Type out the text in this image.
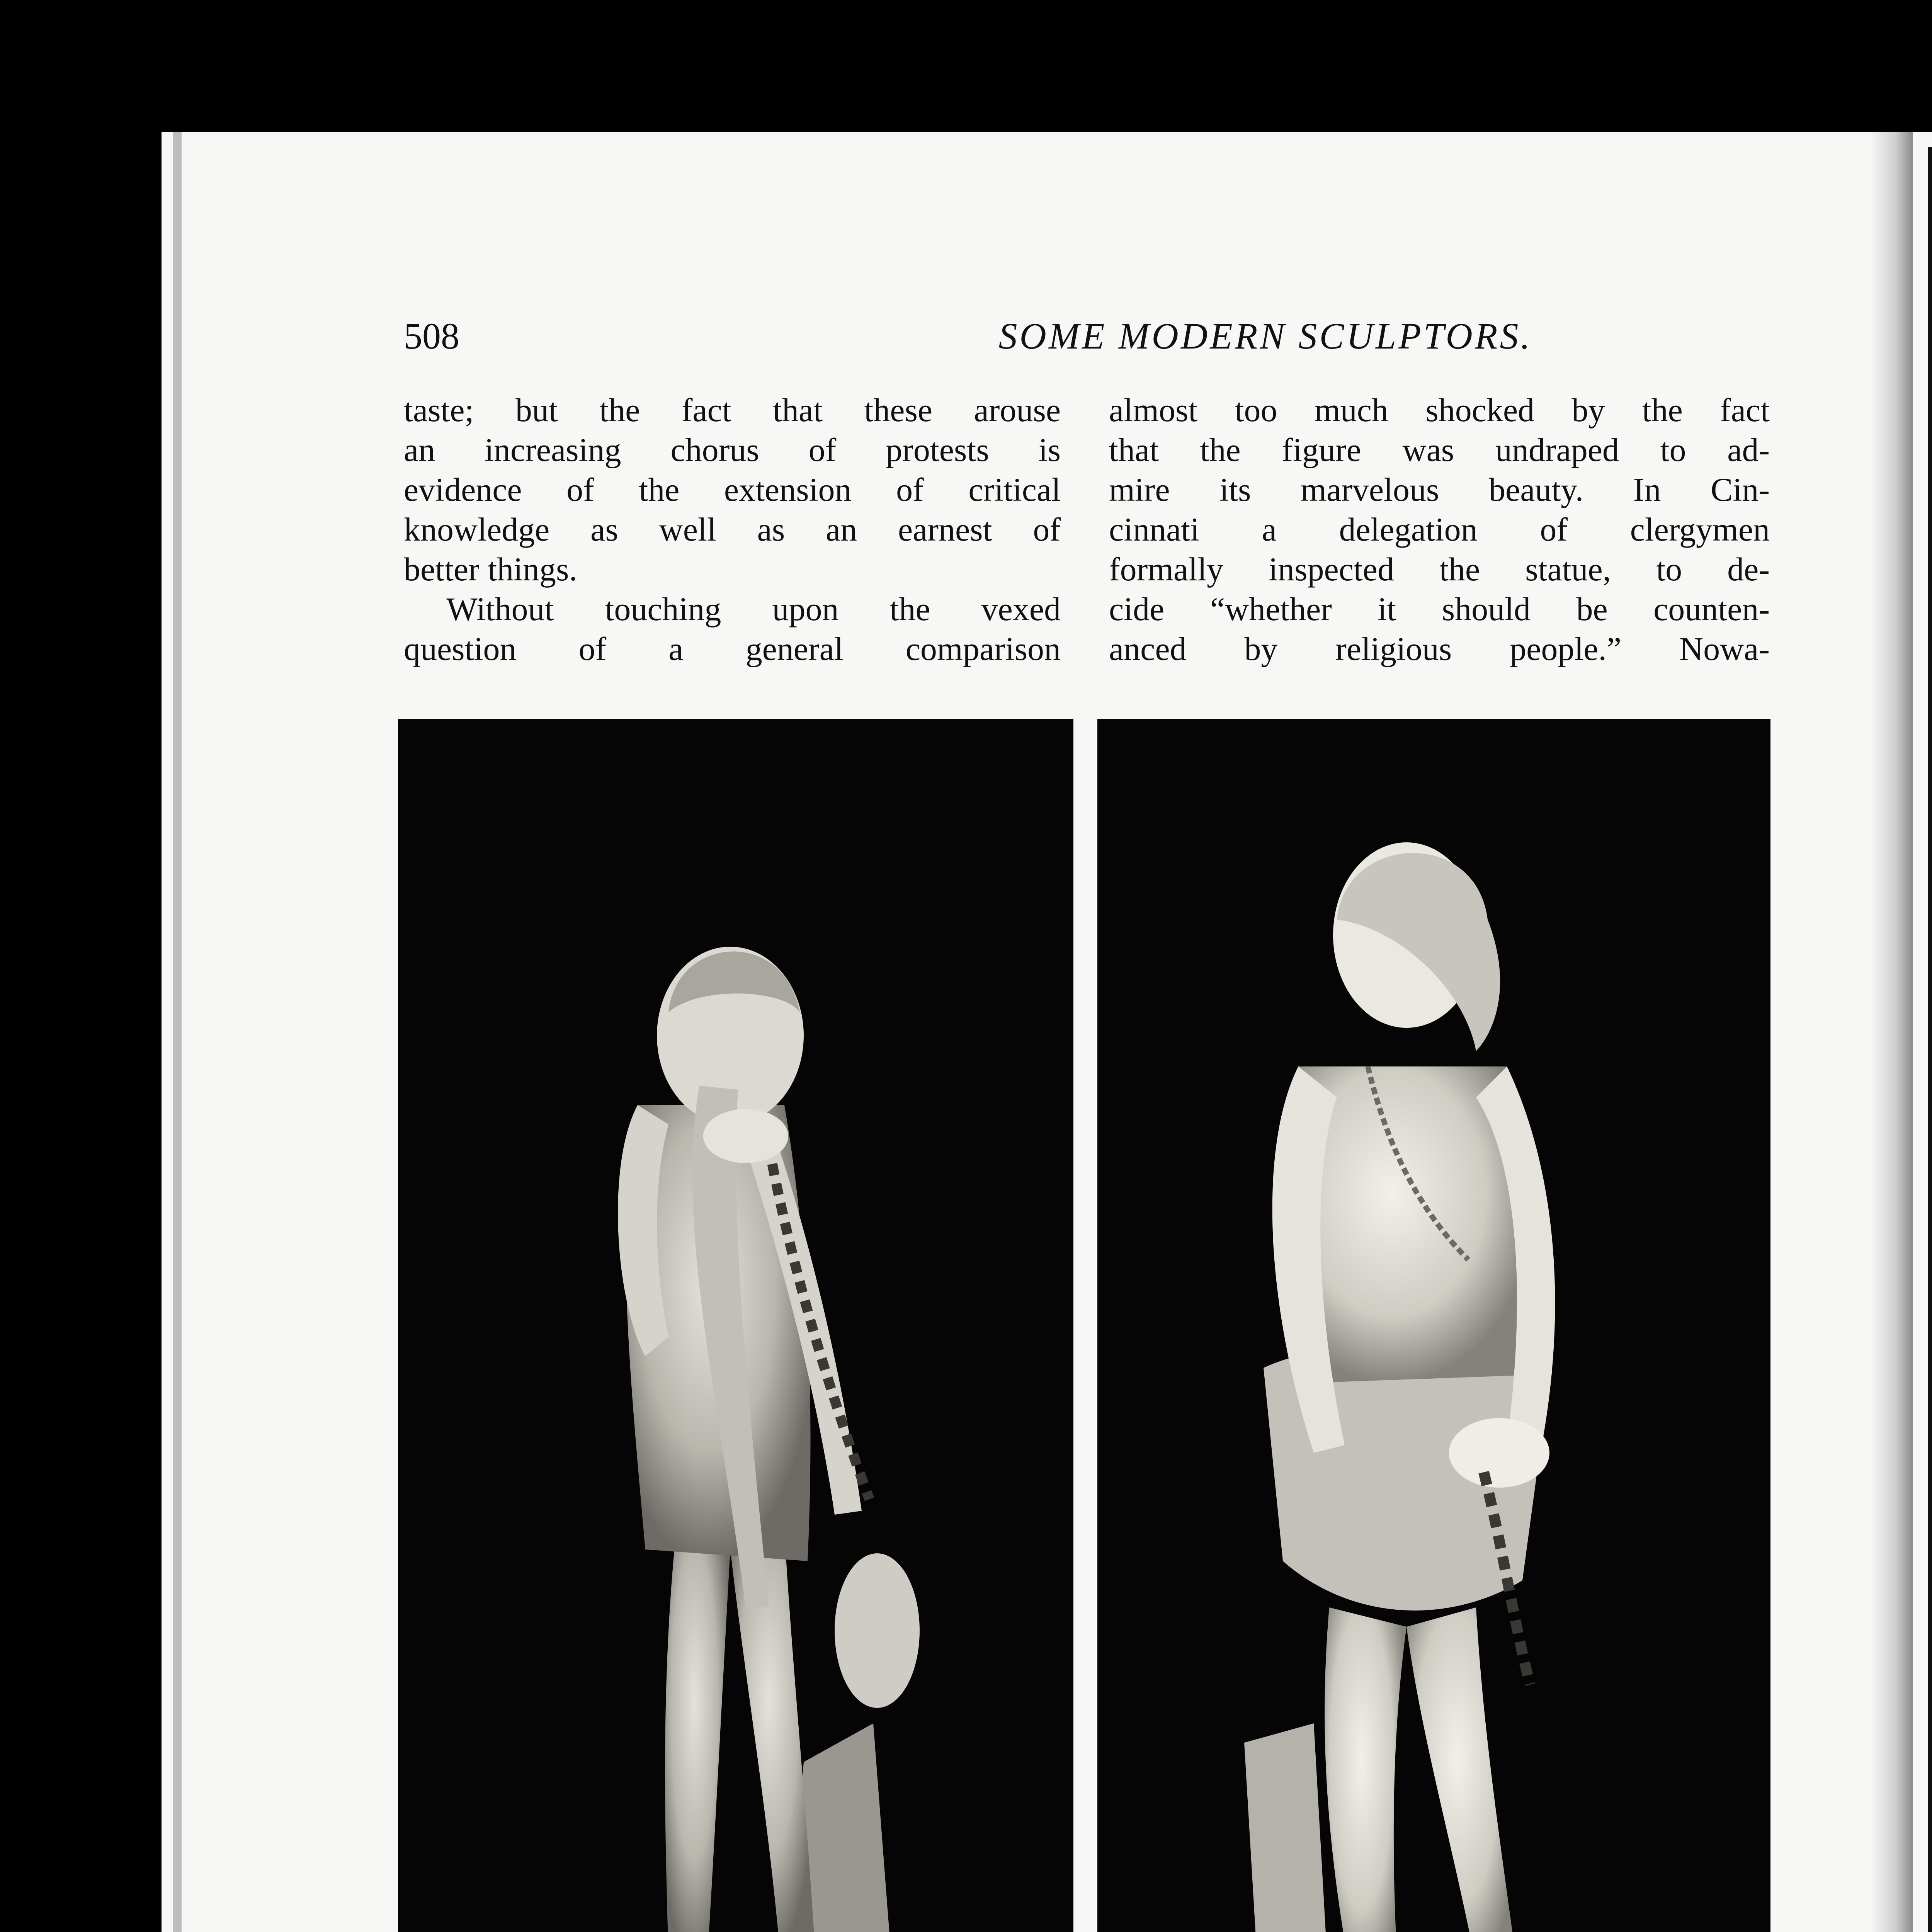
508	SOME MODERN SCULPTORS.
taste; but the fact that these arouse
an increasing chorus of protests is
evidence of the extension of critical
knowledge as well as an earnest of
better things.
Without touching upon the vexed
question of a general comparison
almost too much shocked by the fact
that the figure was undraped to ad-
mire its marvelous beauty. In Cin-
cinnati a delegation of clergymen
formally inspected the statue, to de-
cide “whether it should be counten-
anced by religious people.” Nowa-
